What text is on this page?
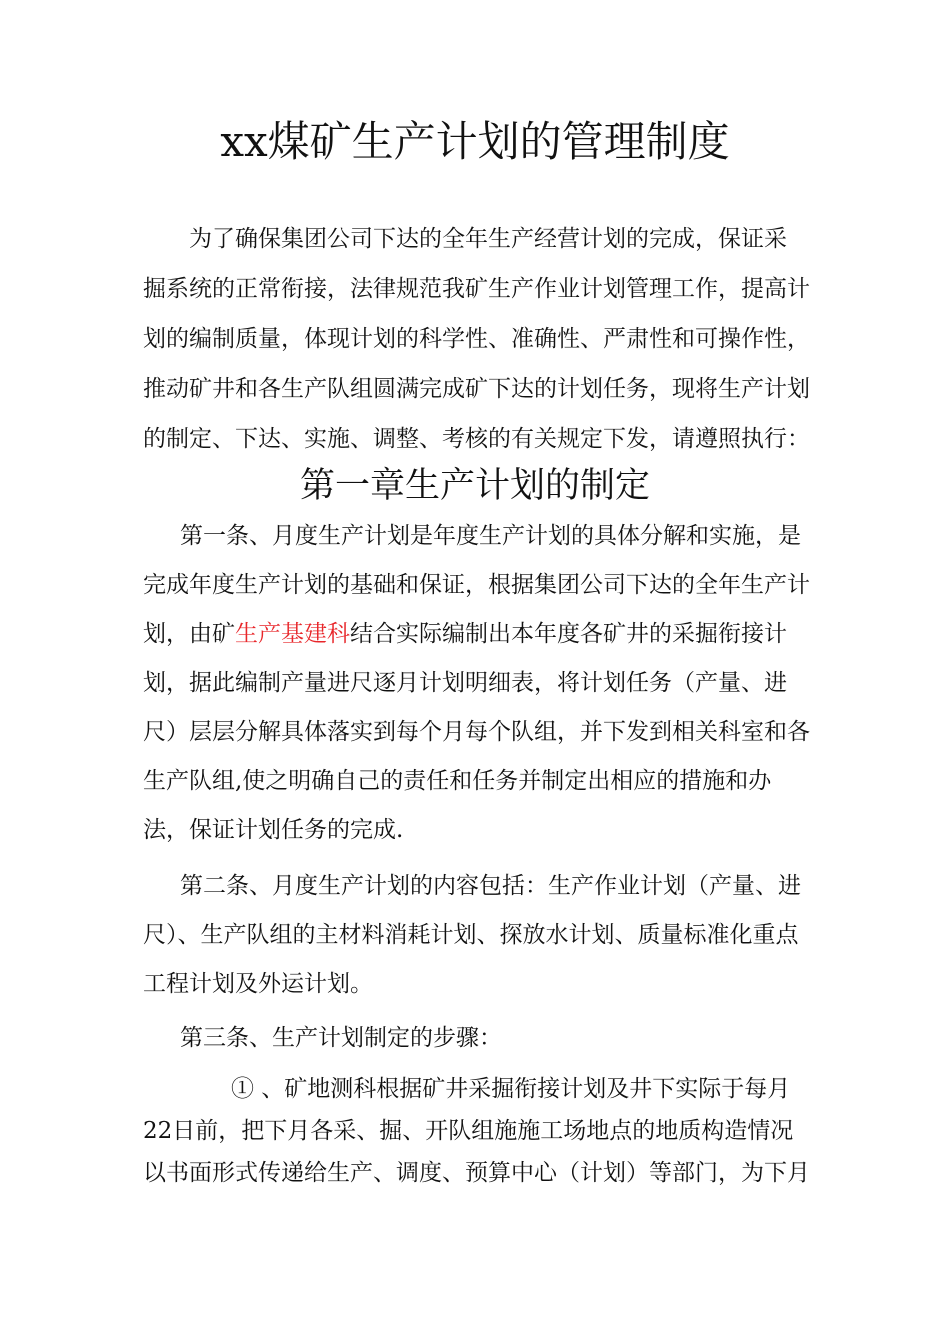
xx煤矿生产计划的管理制度
为了确保集团公司下达的全年生产经营计划的完成，保证采
掘系统的正常衔接，法律规范我矿生产作业计划管理工作，提高计
划的编制质量，体现计划的科学性、准确性、严肃性和可操作性，
推动矿井和各生产队组圆满完成矿下达的计划任务，现将生产计划
的制定、下达、实施、调整、考核的有关规定下发，请遵照执行：
第一章生产计划的制定
第一条、月度生产计划是年度生产计划的具体分解和实施，是
完成年度生产计划的基础和保证，根据集团公司下达的全年生产计
划，由矿生产基建科结合实际编制出本年度各矿井的采掘衔接计
划，据此编制产量进尺逐月计划明细表，将计划任务（产量、进
尺）层层分解具体落实到每个月每个队组，并下发到相关科室和各
生产队组,使之明确自己的责任和任务并制定出相应的措施和办
法，保证计划任务的完成.
第二条、月度生产计划的内容包括：生产作业计划（产量、进
尺）、生产队组的主材料消耗计划、探放水计划、质量标准化重点
工程计划及外运计划。
第三条、生产计划制定的步骤：
① 、矿地测科根据矿井采掘衔接计划及井下实际于每月
22日前，把下月各采、掘、开队组施施工场地点的地质构造情况
以书面形式传递给生产、调度、预算中心（计划）等部门，为下月
